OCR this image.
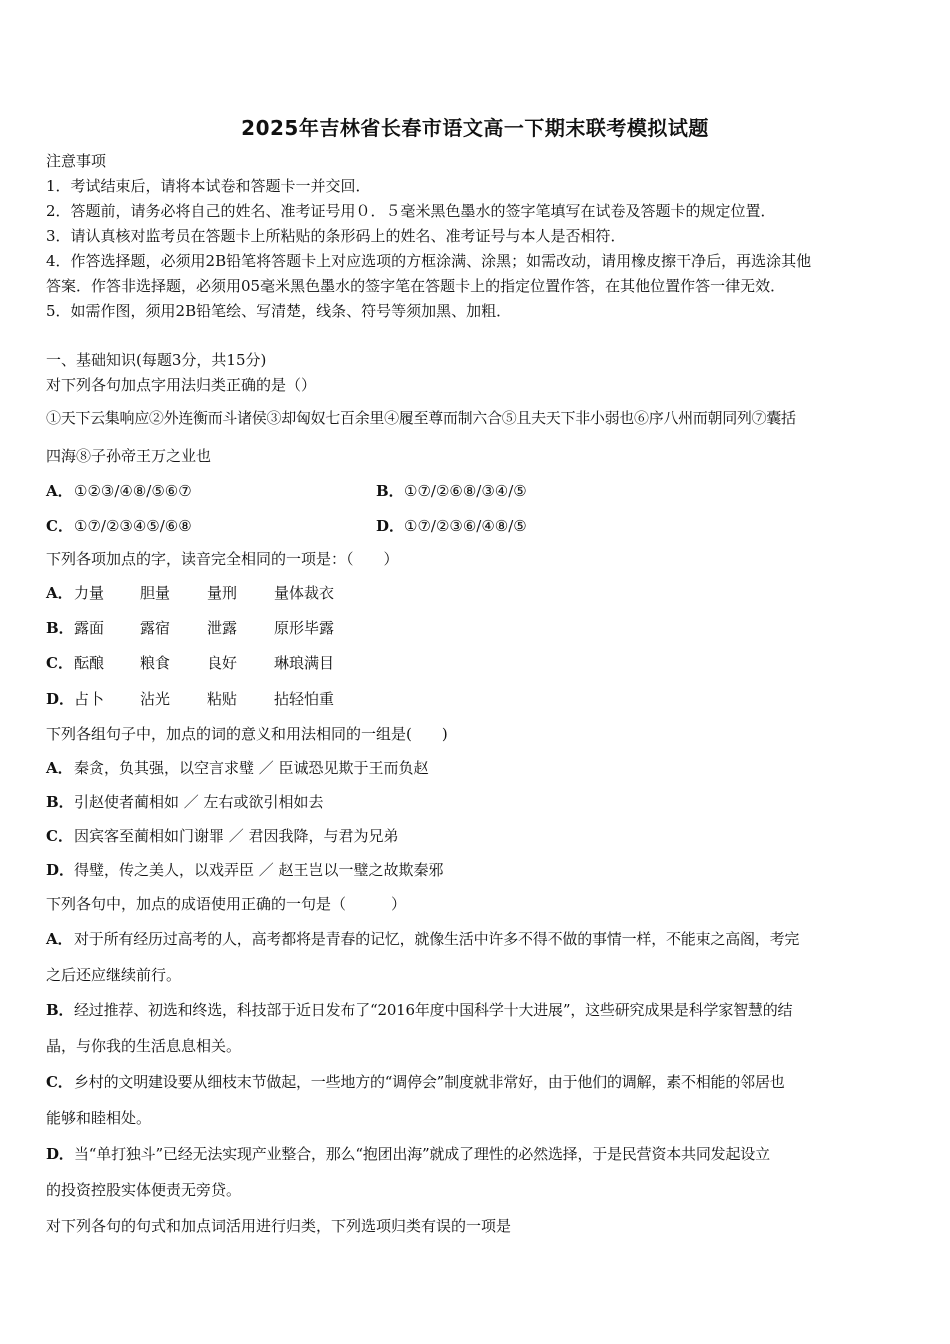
2025年吉林省长春市语文高一下期末联考模拟试题
注意事项
1．考试结束后，请将本试卷和答题卡一并交回．
2．答题前，请务必将自己的姓名、准考证号用０．５毫米黑色墨水的签字笔填写在试卷及答题卡的规定位置．
3．请认真核对监考员在答题卡上所粘贴的条形码上的姓名、准考证号与本人是否相符．
4．作答选择题，必须用2B铅笔将答题卡上对应选项的方框涂满、涂黑；如需改动，请用橡皮擦干净后，再选涂其他
答案．作答非选择题，必须用05毫米黑色墨水的签字笔在答题卡上的指定位置作答，在其他位置作答一律无效．
5．如需作图，须用2B铅笔绘、写清楚，线条、符号等须加黑、加粗．
一、基础知识(每题3分，共15分)
对下列各句加点字用法归类正确的是（）
①天下云集响应②外连衡而斗诸侯③却匈奴七百余里④履至尊而制六合⑤且夫天下非小弱也⑥序八州而朝同列⑦囊括
四海⑧子孙帝王万之业也
A．①②③/④⑧/⑤⑥⑦	B．①⑦/②⑥⑧/③④/⑤
C．①⑦/②③④⑤/⑥⑧	D．①⑦/②③⑥/④⑧/⑤
下列各项加点的字，读音完全相同的一项是：（　　）
A．力量 胆量 量刑 量体裁衣
B．露面 露宿 泄露 原形毕露
C．酝酿 粮食 良好 琳琅满目
D．占卜 沾光 粘贴 拈轻怕重
下列各组句子中，加点的词的意义和用法相同的一组是(　　)
A．秦贪，负其强，以空言求璧 ／ 臣诚恐见欺于王而负赵
B．引赵使者蔺相如 ／ 左右或欲引相如去
C．因宾客至蔺相如门谢罪 ／ 君因我降，与君为兄弟
D．得璧，传之美人，以戏弄臣 ／ 赵王岂以一璧之故欺秦邪
下列各句中，加点的成语使用正确的一句是（　　　）
A． 对于所有经历过高考的人，高考都将是青春的记忆，就像生活中许多不得不做的事情一样，不能束之高阁，考完
之后还应继续前行。
B．经过推荐、初选和终选，科技部于近日发布了“2016年度中国科学十大进展”，这些研究成果是科学家智慧的结
晶，与你我的生活息息相关。
C．乡村的文明建设要从细枝末节做起，一些地方的“调停会”制度就非常好，由于他们的调解，素不相能的邻居也
能够和睦相处。
D．当“单打独斗”已经无法实现产业整合，那么“抱团出海”就成了理性的必然选择，于是民营资本共同发起设立
的投资控股实体便责无旁贷。
对下列各句的句式和加点词活用进行归类，下列选项归类有误的一项是
